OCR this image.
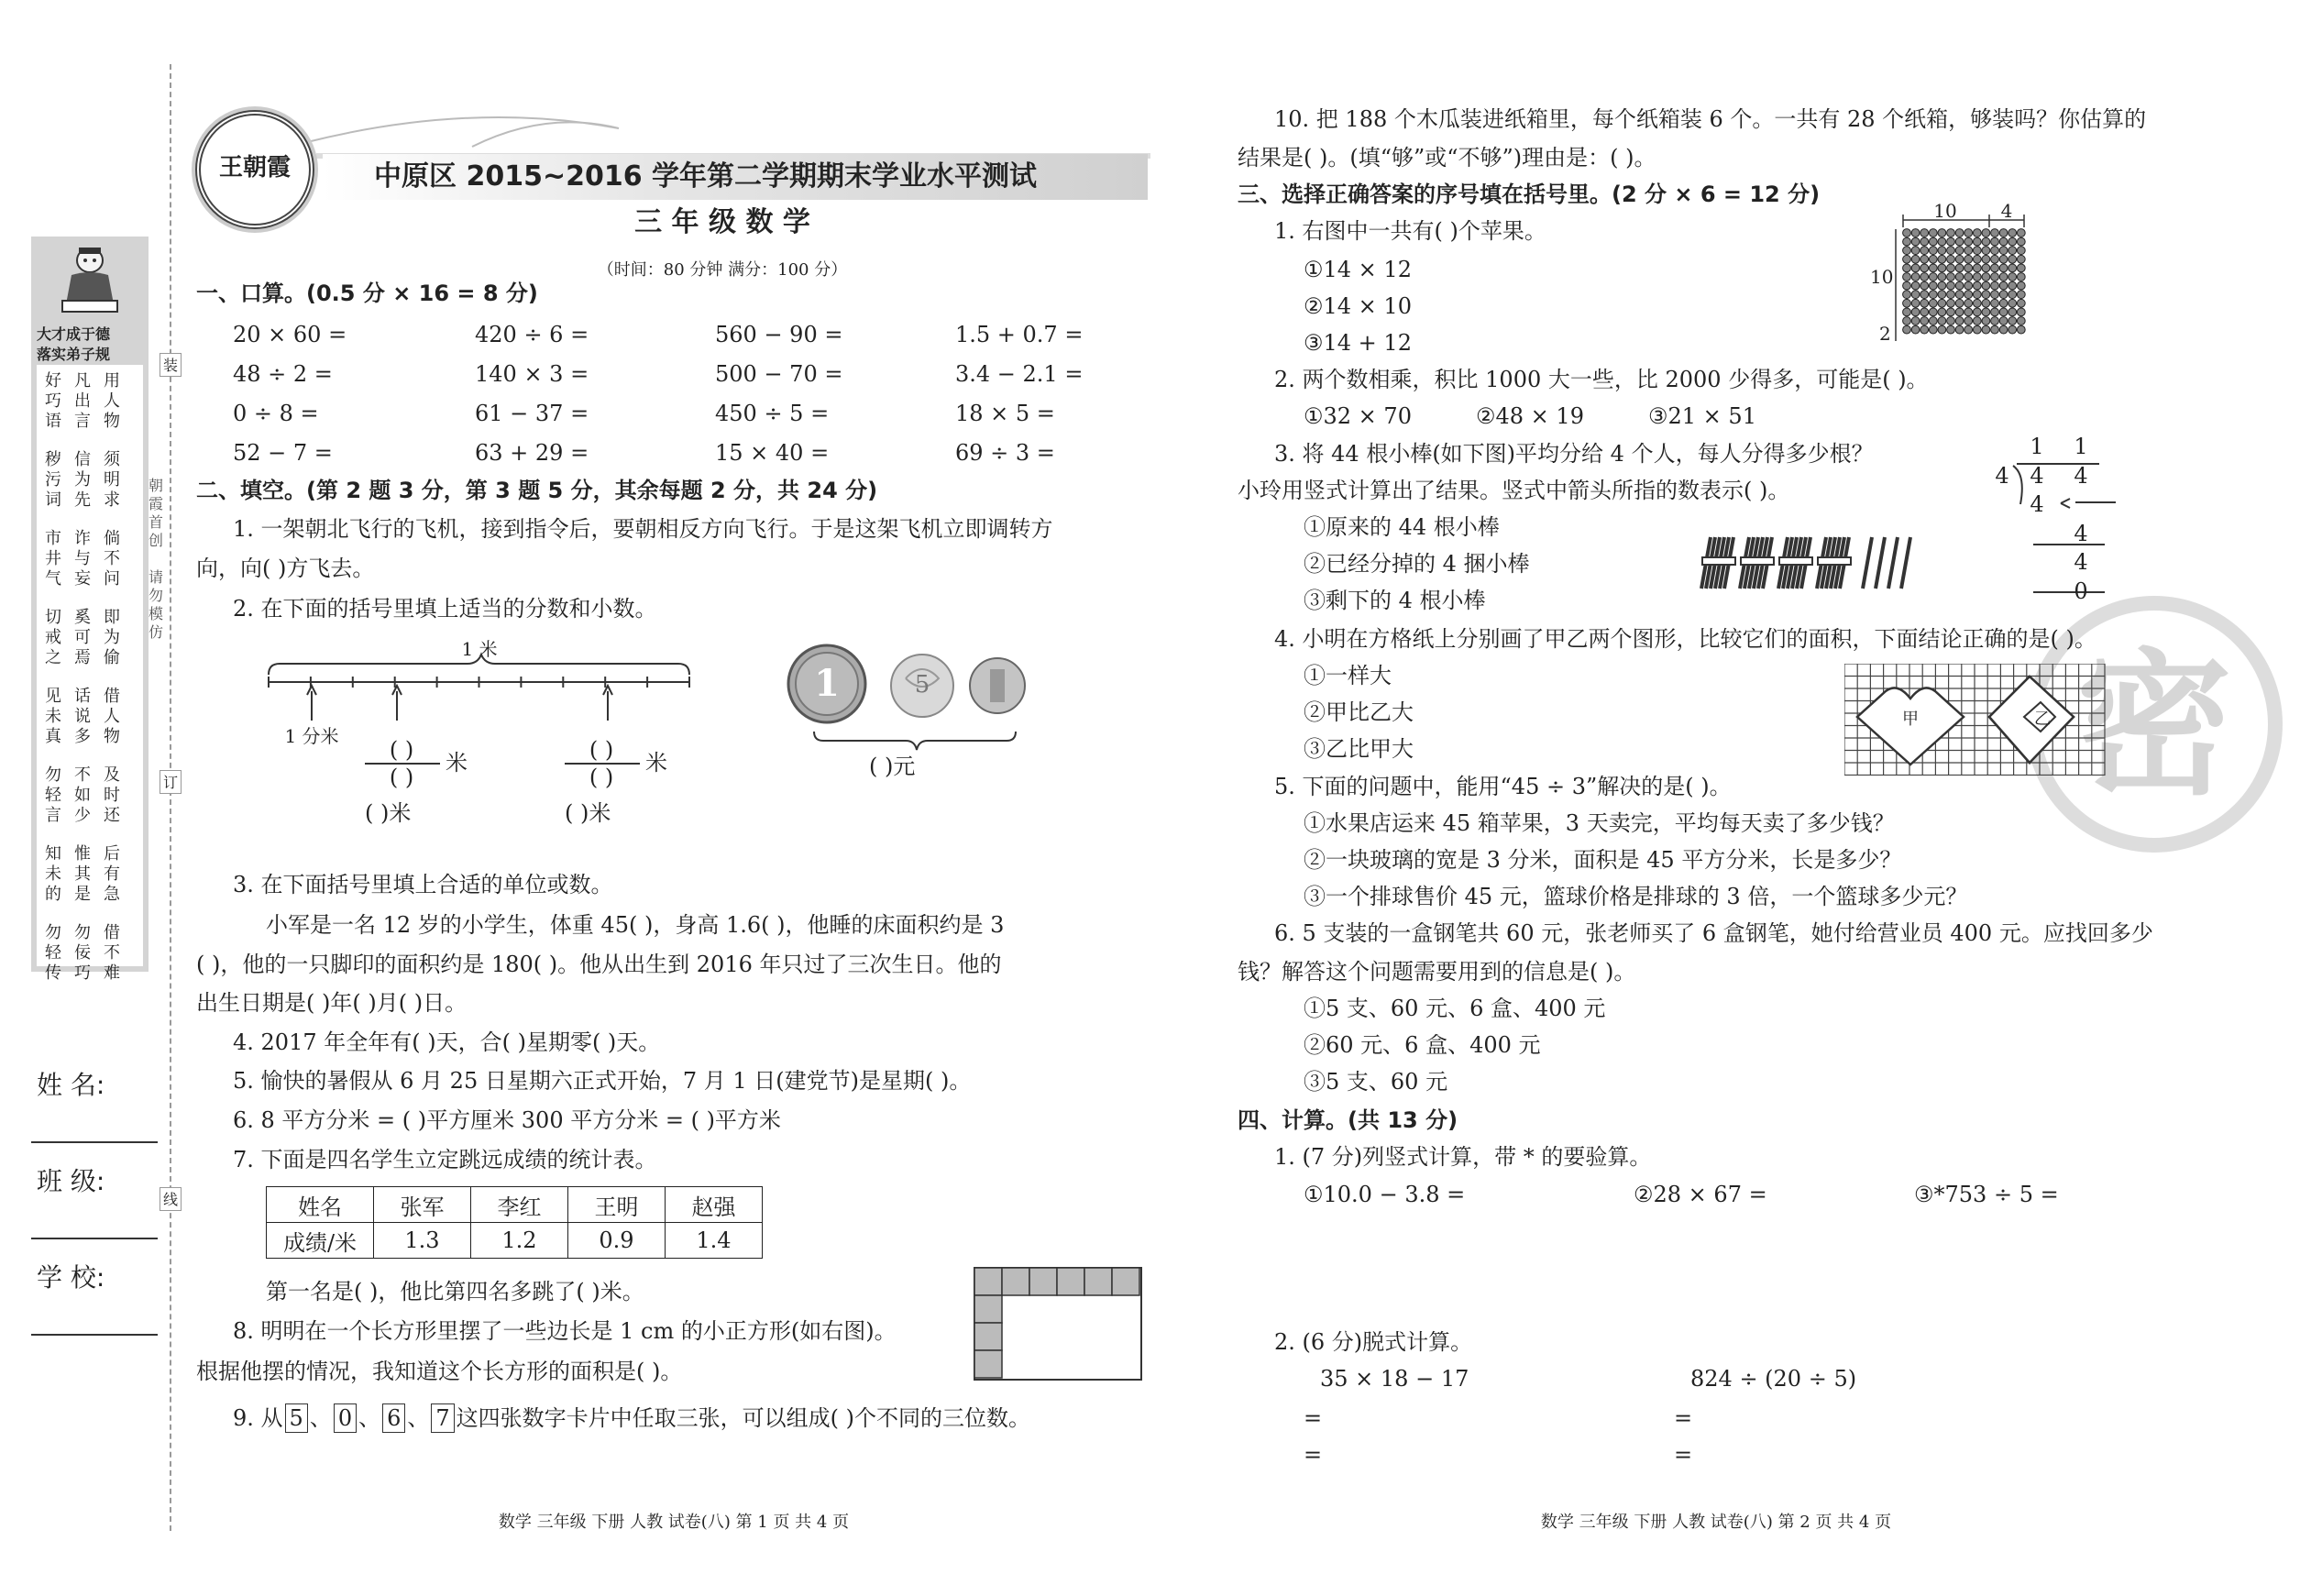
装
订
线
朝霞首创
请勿模仿
大才成于德
落实弟子规
好巧语
凡出言
用人物
秽污词
信为先
须明求
市井气
诈与妄
倘不问
切戒之
奚可焉
即为偷
见未真
话说多
借人物
勿轻言
不如少
及时还
知未的
惟其是
后有急
勿轻传
勿佞巧
借不难
姓 名:
班 级:
学 校:
王朝霞	中原区 2015~2016 学年第二学期期末学业水平测试
三 年 级 数 学
（时间：80 分钟 满分：100 分）
一、口算。(0.5 分 × 16 = 8 分)
20 × 60 =	420 ÷ 6 =	560 − 90 =	1.5 + 0.7 =
48 ÷ 2 =	140 × 3 =	500 − 70 =	3.4 − 2.1 =
0 ÷ 8 =	61 − 37 =	450 ÷ 5 =	18 × 5 =
52 − 7 =	63 + 29 =	15 × 40 =	69 ÷ 3 =
二、填空。(第 2 题 3 分，第 3 题 5 分，其余每题 2 分，共 24 分)
1. 一架朝北飞行的飞机，接到指令后，要朝相反方向飞行。于是这架飞机立即调转方
向，向( )方飞去。
2. 在下面的括号里填上适当的分数和小数。
1 米
1 分米
( )
( )
米
( )米
( )
( )
米
( )米
1	5
( )元
3. 在下面括号里填上合适的单位或数。
小军是一名 12 岁的小学生，体重 45( )，身高 1.6( )，他睡的床面积约是 3
( )，他的一只脚印的面积约是 180( )。他从出生到 2016 年只过了三次生日。他的
出生日期是( )年( )月( )日。
4. 2017 年全年有( )天，合( )星期零( )天。
5. 愉快的暑假从 6 月 25 日星期六正式开始，7 月 1 日(建党节)是星期( )。
6. 8 平方分米 = ( )平方厘米 300 平方分米 = ( )平方米
7. 下面是四名学生立定跳远成绩的统计表。
姓名	张军	李红	王明	赵强
成绩/米	1.3	1.2	0.9	1.4
第一名是( )，他比第四名多跳了( )米。
8. 明明在一个长方形里摆了一些边长是 1 cm 的小正方形(如右图)。
根据他摆的情况，我知道这个长方形的面积是( )。
9. 从 5 、 0 、 6 、 7 这四张数字卡片中任取三张，可以组成( )个不同的三位数。
数学 三年级 下册 人教 试卷(八) 第 1 页 共 4 页
密
10. 把 188 个木瓜装进纸箱里，每个纸箱装 6 个。一共有 28 个纸箱，够装吗？你估算的
结果是( )。(填“够”或“不够”)理由是：( )。
三、选择正确答案的序号填在括号里。(2 分 × 6 = 12 分)
1. 右图中一共有( )个苹果。
①14 × 12
②14 × 10
③14 + 12
10 4
10
2
2. 两个数相乘，积比 1000 大一些，比 2000 少得多，可能是( )。
①32 × 70	②48 × 19	③21 × 51
3. 将 44 根小棒(如下图)平均分给 4 个人，每人分得多少根？
小玲用竖式计算出了结果。竖式中箭头所指的数表示( )。
①原来的 44 根小棒
②已经分掉的 4 捆小棒
③剩下的 4 根小棒
1 1
4 4 4
4
4
4
0
4. 小明在方格纸上分别画了甲乙两个图形，比较它们的面积，下面结论正确的是( )。
①一样大
②甲比乙大
③乙比甲大
甲	乙
5. 下面的问题中，能用“45 ÷ 3”解决的是( )。
①水果店运来 45 箱苹果，3 天卖完，平均每天卖了多少钱？
②一块玻璃的宽是 3 分米，面积是 45 平方分米，长是多少？
③一个排球售价 45 元，篮球价格是排球的 3 倍，一个篮球多少元？
6. 5 支装的一盒钢笔共 60 元，张老师买了 6 盒钢笔，她付给营业员 400 元。应找回多少
钱？解答这个问题需要用到的信息是( )。
①5 支、60 元、6 盒、400 元
②60 元、6 盒、400 元
③5 支、60 元
四、计算。(共 13 分)
1. (7 分)列竖式计算，带 * 的要验算。
①10.0 − 3.8 =	②28 × 67 =	③*753 ÷ 5 =
2. (6 分)脱式计算。
35 × 18 − 17	824 ÷ (20 ÷ 5)
=
=
=
=
数学 三年级 下册 人教 试卷(八) 第 2 页 共 4 页
